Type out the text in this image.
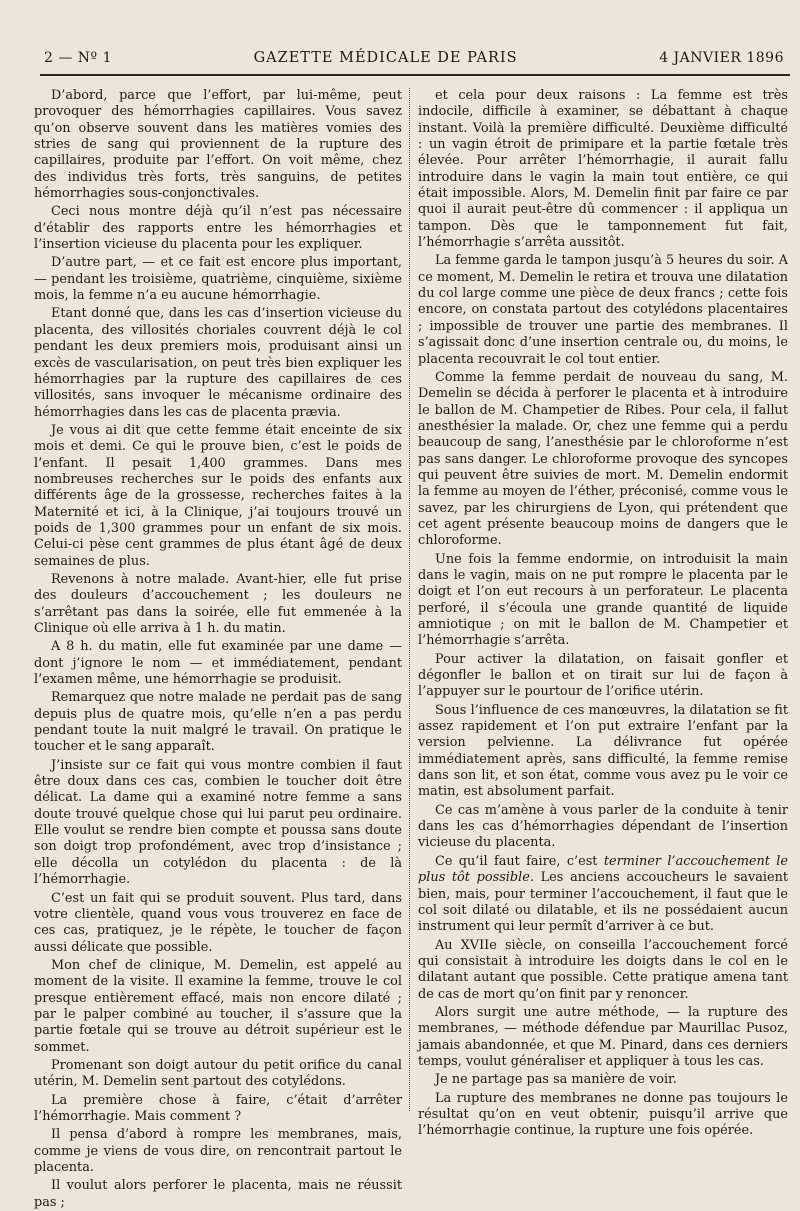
2 — Nº 1	GAZETTE MÉDICALE DE PARIS	4 JANVIER 1896

D’abord, parce que l’effort, par lui-même, peut provoquer des hémorrhagies capillaires. Vous savez qu’on observe souvent dans les matières vomies des stries de sang qui proviennent de la rupture des capillaires, produite par l’effort. On voit même, chez des individus très forts, très sanguins, de petites hémorrhagies sous-conjonctivales.

Ceci nous montre déjà qu’il n’est pas nécessaire d’établir des rapports entre les hémorrhagies et l’insertion vicieuse du placenta pour les expliquer.

D’autre part, — et ce fait est encore plus important, — pendant les troisième, quatrième, cinquième, sixième mois, la femme n’a eu aucune hémorrhagie.

Etant donné que, dans les cas d’insertion vicieuse du placenta, des villosités choriales couvrent déjà le col pendant les deux premiers mois, produisant ainsi un excès de vascularisation, on peut très bien expliquer les hémorrhagies par la rupture des capillaires de ces villosités, sans invoquer le mécanisme ordinaire des hémorrhagies dans les cas de placenta prævia.

Je vous ai dit que cette femme était enceinte de six mois et demi. Ce qui le prouve bien, c’est le poids de l’enfant. Il pesait 1,400 grammes. Dans mes nombreuses recherches sur le poids des enfants aux différents âge de la grossesse, recherches faites à la Maternité et ici, à la Clinique, j’ai toujours trouvé un poids de 1,300 grammes pour un enfant de six mois. Celui-ci pèse cent grammes de plus étant âgé de deux semaines de plus.

Revenons à notre malade. Avant-hier, elle fut prise des douleurs d’accouchement ; les douleurs ne s’arrêtant pas dans la soirée, elle fut emmenée à la Clinique où elle arriva à 1 h. du matin.

A 8 h. du matin, elle fut examinée par une dame — dont j’ignore le nom — et immédiatement, pendant l’examen même, une hémorrhagie se produisit.

Remarquez que notre malade ne perdait pas de sang depuis plus de quatre mois, qu’elle n’en a pas perdu pendant toute la nuit malgré le travail. On pratique le toucher et le sang apparaît.

J’insiste sur ce fait qui vous montre combien il faut être doux dans ces cas, combien le toucher doit être délicat. La dame qui a examiné notre femme a sans doute trouvé quelque chose qui lui parut peu ordinaire. Elle voulut se rendre bien compte et poussa sans doute son doigt trop profondément, avec trop d’insistance ; elle décolla un cotylédon du placenta : de là l’hémorrhagie.

C’est un fait qui se produit souvent. Plus tard, dans votre clientèle, quand vous vous trouverez en face de ces cas, pratiquez, je le répète, le toucher de façon aussi délicate que possible.

Mon chef de clinique, M. Demelin, est appelé au moment de la visite. Il examine la femme, trouve le col presque entièrement effacé, mais non encore dilaté ; par le palper combiné au toucher, il s’assure que la partie fœtale qui se trouve au détroit supérieur est le sommet.

Promenant son doigt autour du petit orifice du canal utérin, M. Demelin sent partout des cotylédons.

La première chose à faire, c’était d’arrêter l’hémorrhagie. Mais comment ?

Il pensa d’abord à rompre les membranes, mais, comme je viens de vous dire, on rencontrait partout le placenta.

Il voulut alors perforer le placenta, mais ne réussit pas ;

et cela pour deux raisons : La femme est très indocile, difficile à examiner, se débattant à chaque instant. Voilà la première difficulté. Deuxième difficulté : un vagin étroit de primipare et la partie fœtale très élevée. Pour arrêter l’hémorrhagie, il aurait fallu introduire dans le vagin la main tout entière, ce qui était impossible. Alors, M. Demelin finit par faire ce par quoi il aurait peut-être dû commencer : il appliqua un tampon. Dès que le tamponnement fut fait, l’hémorrhagie s’arrêta aussitôt.

La femme garda le tampon jusqu’à 5 heures du soir. A ce moment, M. Demelin le retira et trouva une dilatation du col large comme une pièce de deux francs ; cette fois encore, on constata partout des cotylédons placentaires ; impossible de trouver une partie des membranes. Il s’agissait donc d’une insertion centrale ou, du moins, le placenta recouvrait le col tout entier.

Comme la femme perdait de nouveau du sang, M. Demelin se décida à perforer le placenta et à introduire le ballon de M. Champetier de Ribes. Pour cela, il fallut anesthésier la malade. Or, chez une femme qui a perdu beaucoup de sang, l’anesthésie par le chloroforme n’est pas sans danger. Le chloroforme provoque des syncopes qui peuvent être suivies de mort. M. Demelin endormit la femme au moyen de l’éther, préconisé, comme vous le savez, par les chirurgiens de Lyon, qui prétendent que cet agent présente beaucoup moins de dangers que le chloroforme.

Une fois la femme endormie, on introduisit la main dans le vagin, mais on ne put rompre le placenta par le doigt et l’on eut recours à un perforateur. Le placenta perforé, il s’écoula une grande quantité de liquide amniotique ; on mit le ballon de M. Champetier et l’hémorrhagie s’arrêta.

Pour activer la dilatation, on faisait gonfler et dégonfler le ballon et on tirait sur lui de façon à l’appuyer sur le pourtour de l’orifice utérin.

Sous l’influence de ces manœuvres, la dilatation se fit assez rapidement et l’on put extraire l’enfant par la version pelvienne. La délivrance fut opérée immédiatement après, sans difficulté, la femme remise dans son lit, et son état, comme vous avez pu le voir ce matin, est absolument parfait.

Ce cas m’amène à vous parler de la conduite à tenir dans les cas d’hémorrhagies dépendant de l’insertion vicieuse du placenta.

Ce qu’il faut faire, c’est terminer l’accouchement le plus tôt possible. Les anciens accoucheurs le savaient bien, mais, pour terminer l’accouchement, il faut que le col soit dilaté ou dilatable, et ils ne possédaient aucun instrument qui leur permît d’arriver à ce but.

Au XVIIe siècle, on conseilla l’accouchement forcé qui consistait à introduire les doigts dans le col en le dilatant autant que possible. Cette pratique amena tant de cas de mort qu’on finit par y renoncer.

Alors surgit une autre méthode, — la rupture des membranes, — méthode défendue par Maurillac Pusoz, jamais abandonnée, et que M. Pinard, dans ces derniers temps, voulut généraliser et appliquer à tous les cas.

Je ne partage pas sa manière de voir.

La rupture des membranes ne donne pas toujours le résultat qu’on en veut obtenir, puisqu’il arrive que l’hémorrhagie continue, la rupture une fois opérée.
